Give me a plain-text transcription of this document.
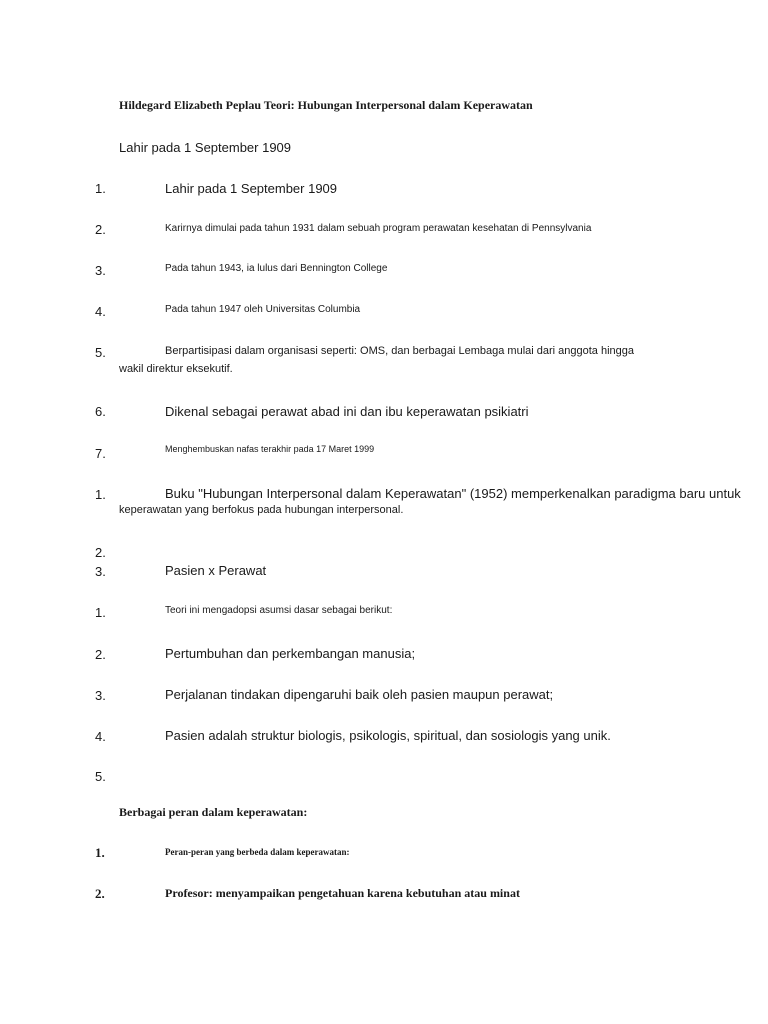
Hildegard Elizabeth Peplau Teori: Hubungan Interpersonal dalam Keperawatan
Lahir pada 1 September 1909
1.	Lahir pada 1 September 1909
2.	Karirnya dimulai pada tahun 1931 dalam sebuah program perawatan kesehatan di Pennsylvania
3.	Pada tahun 1943, ia lulus dari Bennington College
4.	Pada tahun 1947 oleh Universitas Columbia
5.	Berpartisipasi dalam organisasi seperti: OMS, dan berbagai Lembaga mulai dari anggota hingga
wakil direktur eksekutif.
6.	Dikenal sebagai perawat abad ini dan ibu keperawatan psikiatri
7.	Menghembuskan nafas terakhir pada 17 Maret 1999
1.	Buku "Hubungan Interpersonal dalam Keperawatan" (1952) memperkenalkan paradigma baru untuk
keperawatan yang berfokus pada hubungan interpersonal.
2.
3.	Pasien x Perawat
1.	Teori ini mengadopsi asumsi dasar sebagai berikut:
2.	Pertumbuhan dan perkembangan manusia;
3.	Perjalanan tindakan dipengaruhi baik oleh pasien maupun perawat;
4.	Pasien adalah struktur biologis, psikologis, spiritual, dan sosiologis yang unik.
5.
Berbagai peran dalam keperawatan:
1.	Peran-peran yang berbeda dalam keperawatan:
2.	Profesor: menyampaikan pengetahuan karena kebutuhan atau minat
